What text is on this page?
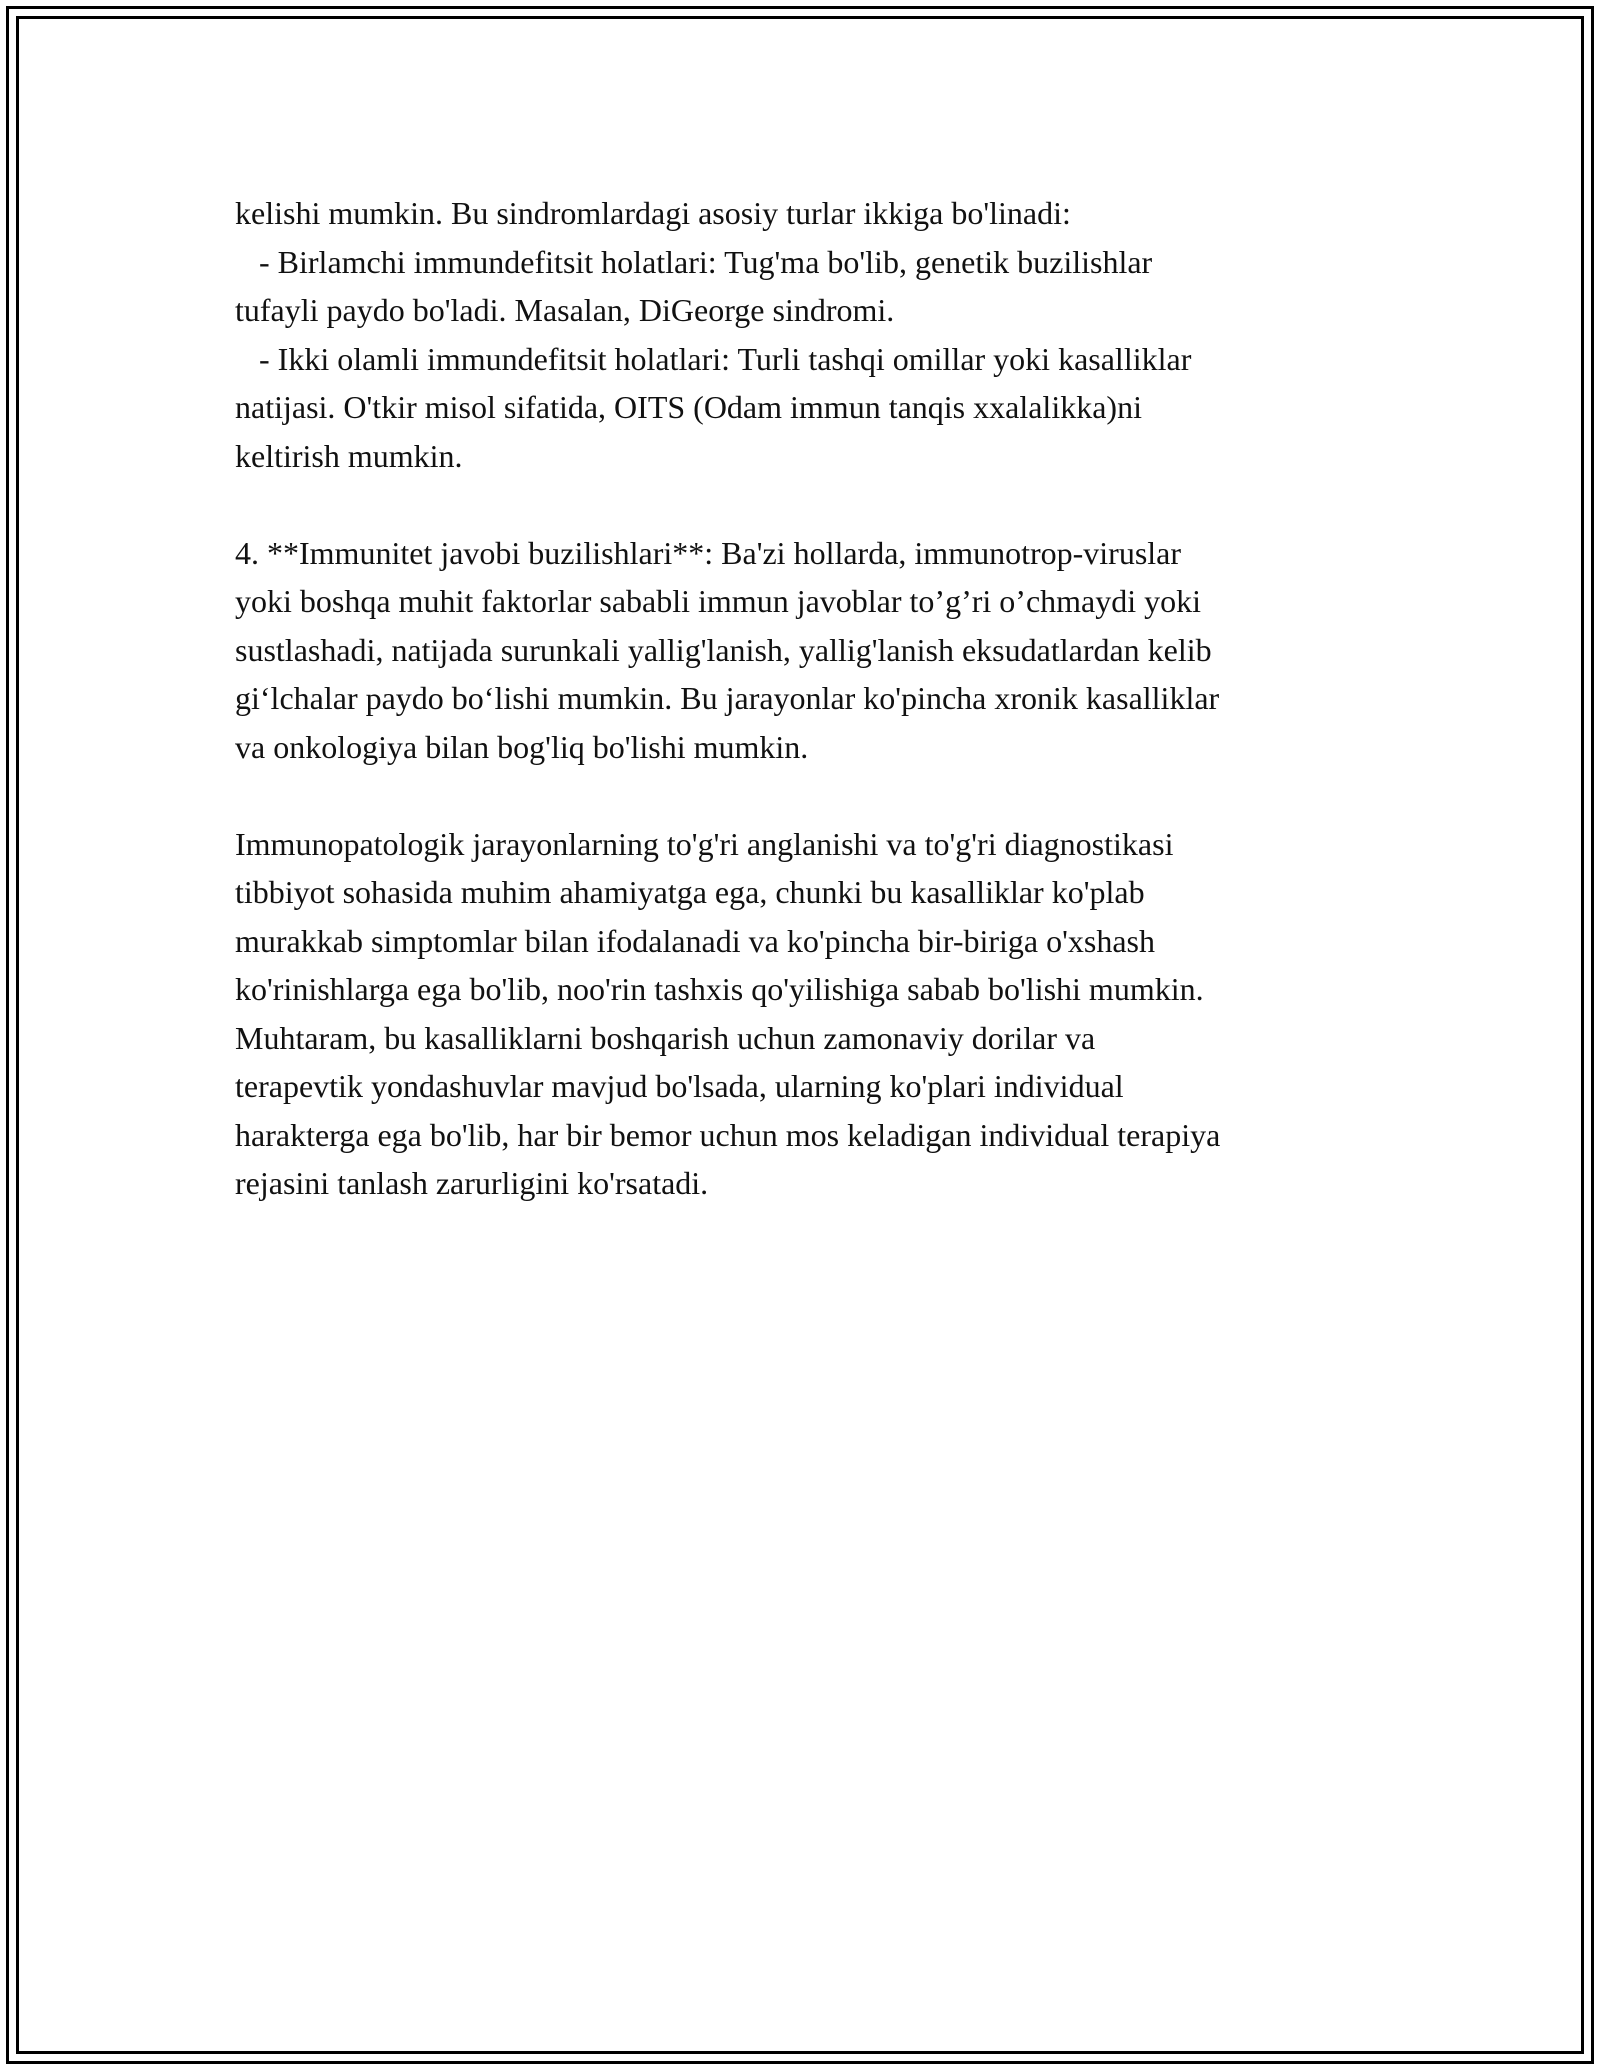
kelishi mumkin. Bu sindromlardagi asosiy turlar ikkiga bo'linadi:
- Birlamchi immundefitsit holatlari: Tug'ma bo'lib, genetik buzilishlar
tufayli paydo bo'ladi. Masalan, DiGeorge sindromi.
- Ikki olamli immundefitsit holatlari: Turli tashqi omillar yoki kasalliklar
natijasi. O'tkir misol sifatida, OITS (Odam immun tanqis xxalalikka)ni
keltirish mumkin.
4. **Immunitet javobi buzilishlari**: Ba'zi hollarda, immunotrop-viruslar
yoki boshqa muhit faktorlar sababli immun javoblar to’g’ri o’chmaydi yoki
sustlashadi, natijada surunkali yallig'lanish, yallig'lanish eksudatlardan kelib
gi‘lchalar paydo bo‘lishi mumkin. Bu jarayonlar ko'pincha xronik kasalliklar
va onkologiya bilan bog'liq bo'lishi mumkin.
Immunopatologik jarayonlarning to'g'ri anglanishi va to'g'ri diagnostikasi
tibbiyot sohasida muhim ahamiyatga ega, chunki bu kasalliklar ko'plab
murakkab simptomlar bilan ifodalanadi va ko'pincha bir-biriga o'xshash
ko'rinishlarga ega bo'lib, noo'rin tashxis qo'yilishiga sabab bo'lishi mumkin.
Muhtaram, bu kasalliklarni boshqarish uchun zamonaviy dorilar va
terapevtik yondashuvlar mavjud bo'lsada, ularning ko'plari individual
harakterga ega bo'lib, har bir bemor uchun mos keladigan individual terapiya
rejasini tanlash zarurligini ko'rsatadi.
